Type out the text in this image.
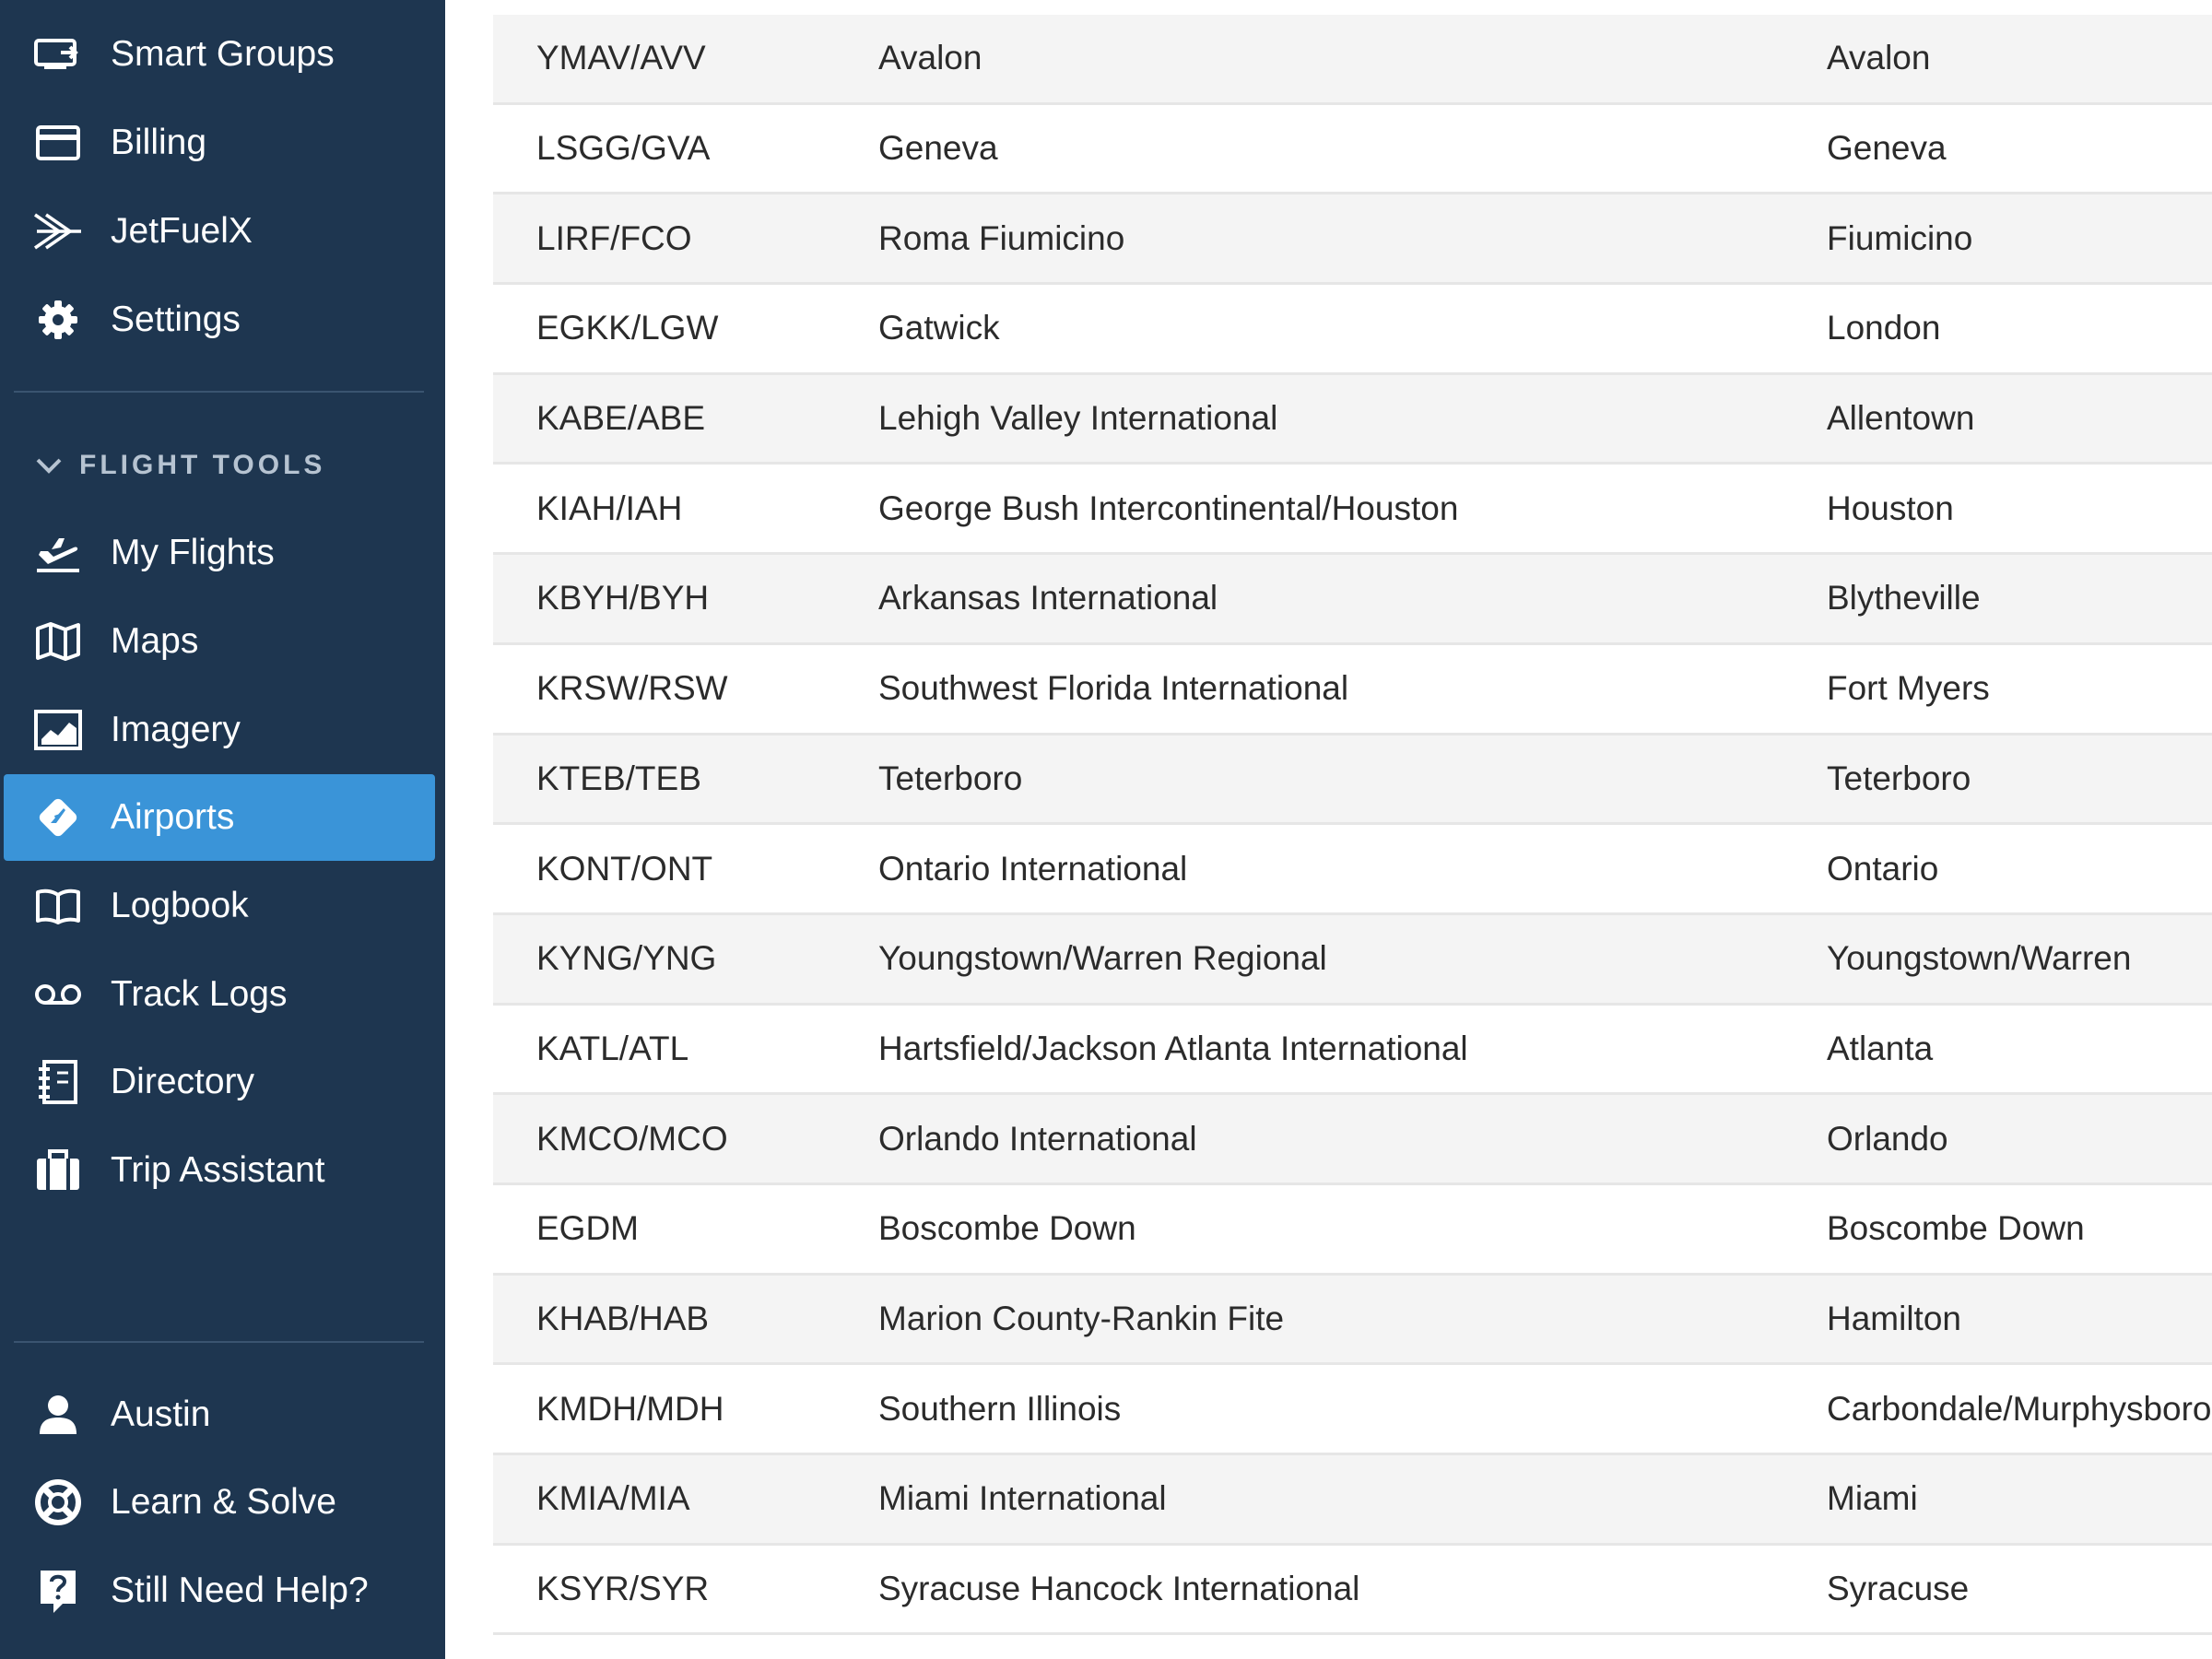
Smart Groups
Billing
JetFuelX
Settings
FLIGHT TOOLS
My Flights
Maps
Imagery
Airports
Logbook
Track Logs
Directory
Trip Assistant
Austin
Learn & Solve
Still Need Help?
YMAV/AVV	Avalon	Avalon
LSGG/GVA	Geneva	Geneva
LIRF/FCO	Roma Fiumicino	Fiumicino
EGKK/LGW	Gatwick	London
KABE/ABE	Lehigh Valley International	Allentown
KIAH/IAH	George Bush Intercontinental/Houston	Houston
KBYH/BYH	Arkansas International	Blytheville
KRSW/RSW	Southwest Florida International	Fort Myers
KTEB/TEB	Teterboro	Teterboro
KONT/ONT	Ontario International	Ontario
KYNG/YNG	Youngstown/Warren Regional	Youngstown/Warren
KATL/ATL	Hartsfield/Jackson Atlanta International	Atlanta
KMCO/MCO	Orlando International	Orlando
EGDM	Boscombe Down	Boscombe Down
KHAB/HAB	Marion County-Rankin Fite	Hamilton
KMDH/MDH	Southern Illinois	Carbondale/Murphysboro
KMIA/MIA	Miami International	Miami
KSYR/SYR	Syracuse Hancock International	Syracuse
